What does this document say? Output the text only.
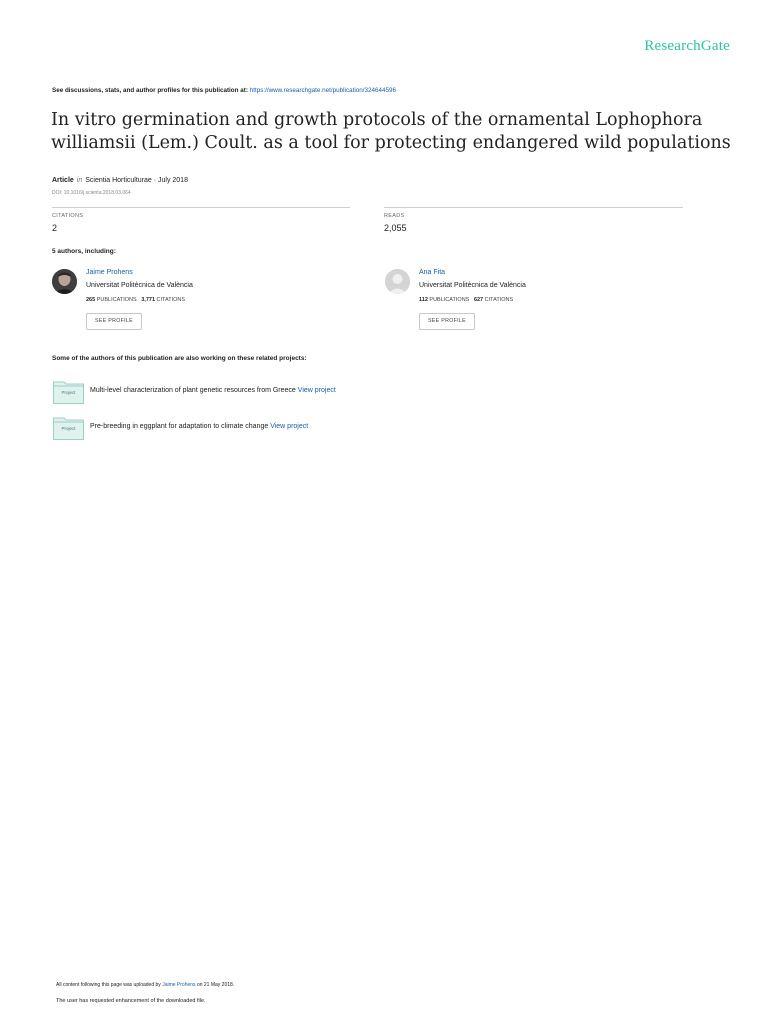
ResearchGate
See discussions, stats, and author profiles for this publication at: https://www.researchgate.net/publication/324644596
In vitro germination and growth protocols of the ornamental Lophophora
williamsii (Lem.) Coult. as a tool for protecting endangered wild populations
Article in Scientia Horticulturae · July 2018
DOI: 10.1016/j.scienta.2018.03.064
CITATIONS
2
READS
2,055
5 authors, including:
Jaime Prohens
Universitat Politècnica de València
265 PUBLICATIONS 3,771 CITATIONS
SEE PROFILE
Ana Fita
Universitat Politècnica de València
112 PUBLICATIONS 627 CITATIONS
SEE PROFILE
Some of the authors of this publication are also working on these related projects:
Project	Multi-level characterization of plant genetic resources from Greece View project
Project	Pre-breeding in eggplant for adaptation to climate change View project
All content following this page was uploaded by Jaime Prohens on 21 May 2018.
The user has requested enhancement of the downloaded file.
